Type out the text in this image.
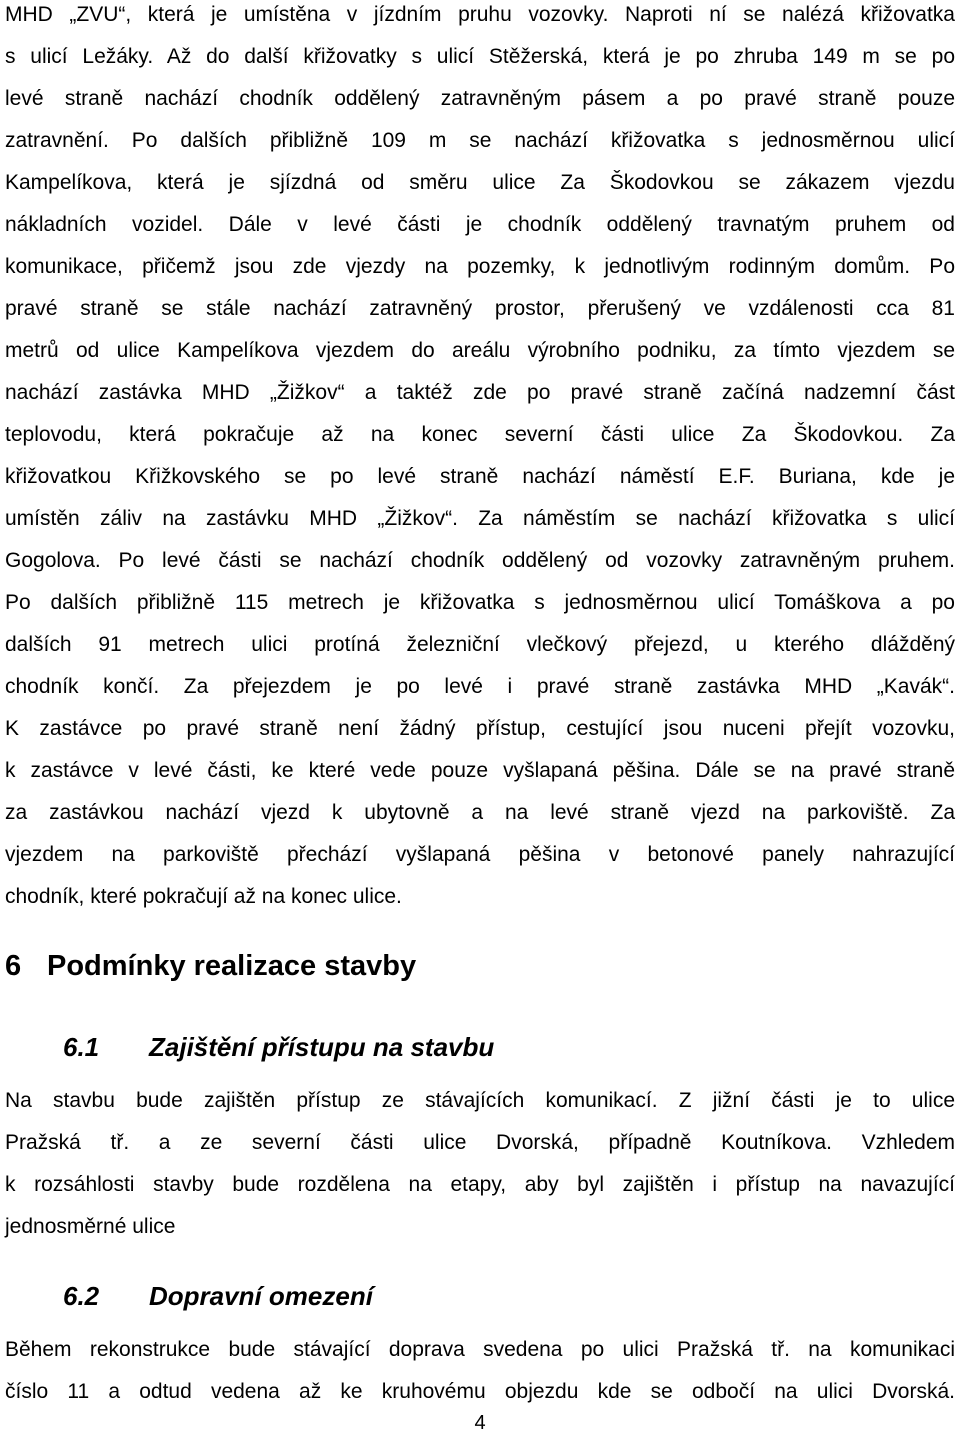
MHD „ZVU“, která je umístěna v jízdním pruhu vozovky. Naproti ní se nalézá křižovatka
s ulicí Ležáky. Až do další křižovatky s ulicí Stěžerská, která je po zhruba 149 m se po
levé straně nachází chodník oddělený zatravněným pásem a po pravé straně pouze
zatravnění. Po dalších přibližně 109 m se nachází křižovatka s jednosměrnou ulicí
Kampelíkova, která je sjízdná od směru ulice Za Škodovkou se zákazem vjezdu
nákladních vozidel. Dále v levé části je chodník oddělený travnatým pruhem od
komunikace, přičemž jsou zde vjezdy na pozemky, k jednotlivým rodinným domům. Po
pravé straně se stále nachází zatravněný prostor, přerušený ve vzdálenosti cca 81
metrů od ulice Kampelíkova vjezdem do areálu výrobního podniku, za tímto vjezdem se
nachází zastávka MHD „Žižkov“ a taktéž zde po pravé straně začíná nadzemní část
teplovodu, která pokračuje až na konec severní části ulice Za Škodovkou. Za
křižovatkou Křižkovského se po levé straně nachází náměstí E.F. Buriana, kde je
umístěn záliv na zastávku MHD „Žižkov“. Za náměstím se nachází křižovatka s ulicí
Gogolova. Po levé části se nachází chodník oddělený od vozovky zatravněným pruhem.
Po dalších přibližně 115 metrech je křižovatka s jednosměrnou ulicí Tomáškova a po
dalších 91 metrech ulici protíná železniční vlečkový přejezd, u kterého dlážděný
chodník končí. Za přejezdem je po levé i pravé straně zastávka MHD „Kavák“.
K zastávce po pravé straně není žádný přístup, cestující jsou nuceni přejít vozovku,
k zastávce v levé části, ke které vede pouze vyšlapaná pěšina. Dále se na pravé straně
za zastávkou nachází vjezd k ubytovně a na levé straně vjezd na parkoviště. Za
vjezdem na parkoviště přechází vyšlapaná pěšina v betonové panely nahrazující
chodník, které pokračují až na konec ulice.
6 Podmínky realizace stavby
6.1 Zajištění přístupu na stavbu
Na stavbu bude zajištěn přístup ze stávajících komunikací. Z jižní části je to ulice
Pražská tř. a ze severní části ulice Dvorská, případně Koutníkova. Vzhledem
k rozsáhlosti stavby bude rozdělena na etapy, aby byl zajištěn i přístup na navazující
jednosměrné ulice
6.2 Dopravní omezení
Během rekonstrukce bude stávající doprava svedena po ulici Pražská tř. na komunikaci
číslo 11 a odtud vedena až ke kruhovému objezdu kde se odbočí na ulici Dvorská.
4
